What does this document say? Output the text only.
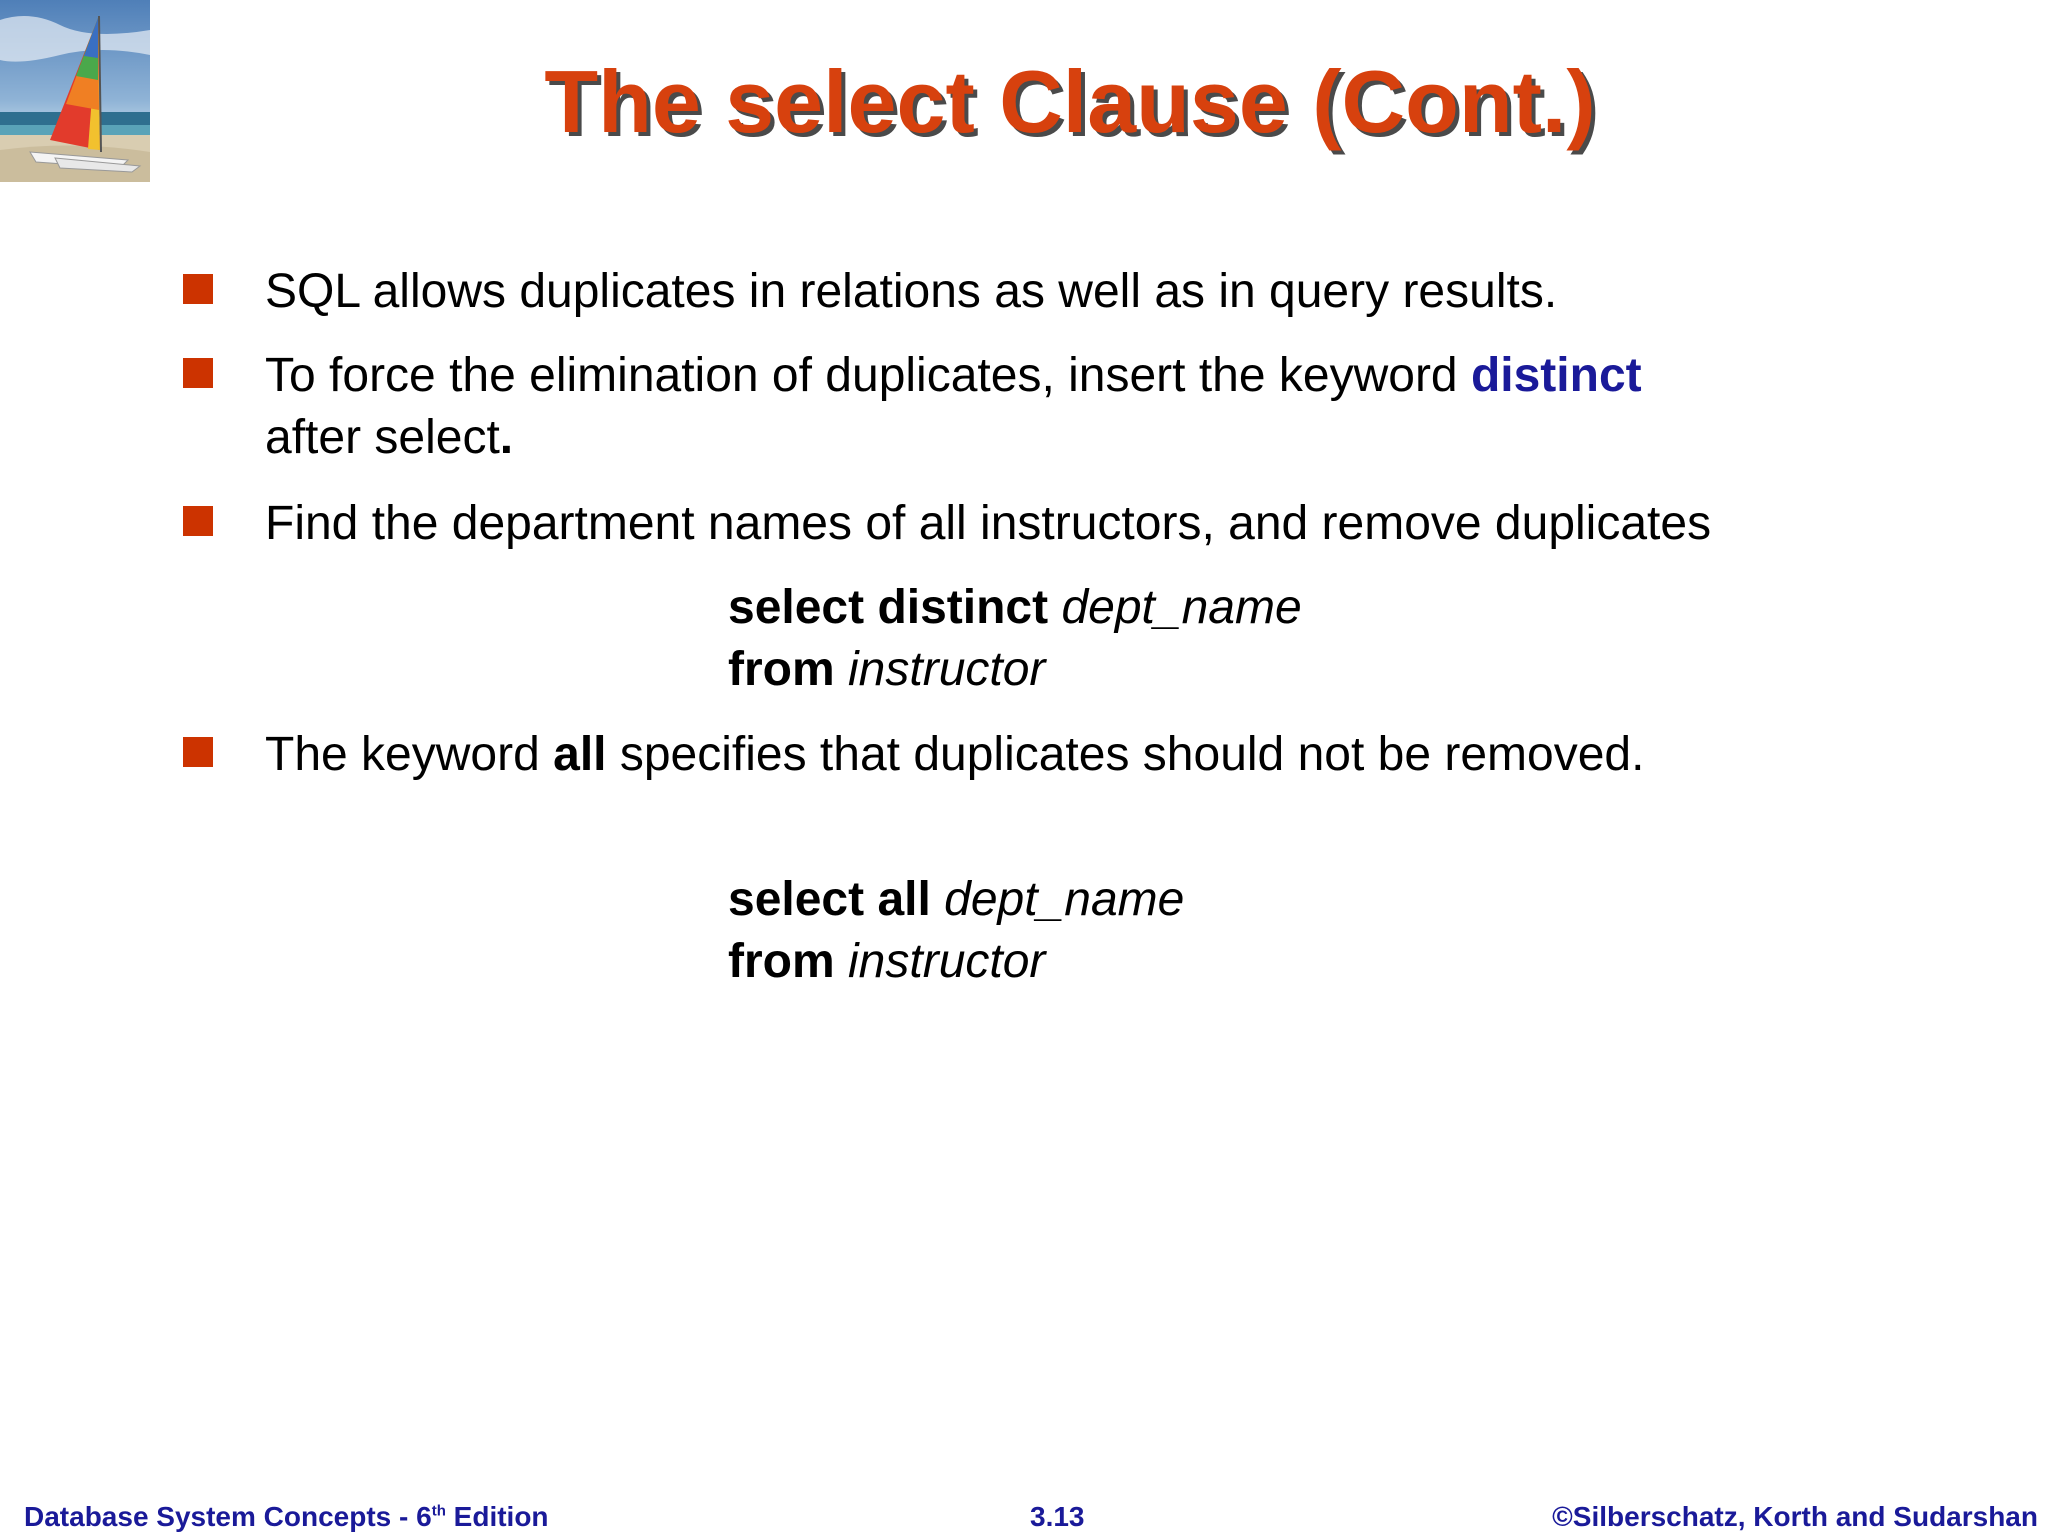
The select Clause (Cont.)
SQL allows duplicates in relations as well as in query results.
To force the elimination of duplicates, insert the keyword distinct
after select.
Find the department names of all instructors, and remove duplicates
select distinct dept_name
from instructor
The keyword all specifies that duplicates should not be removed.
select all dept_name
from instructor
Database System Concepts - 6th Edition	3.13	©Silberschatz, Korth and Sudarshan
